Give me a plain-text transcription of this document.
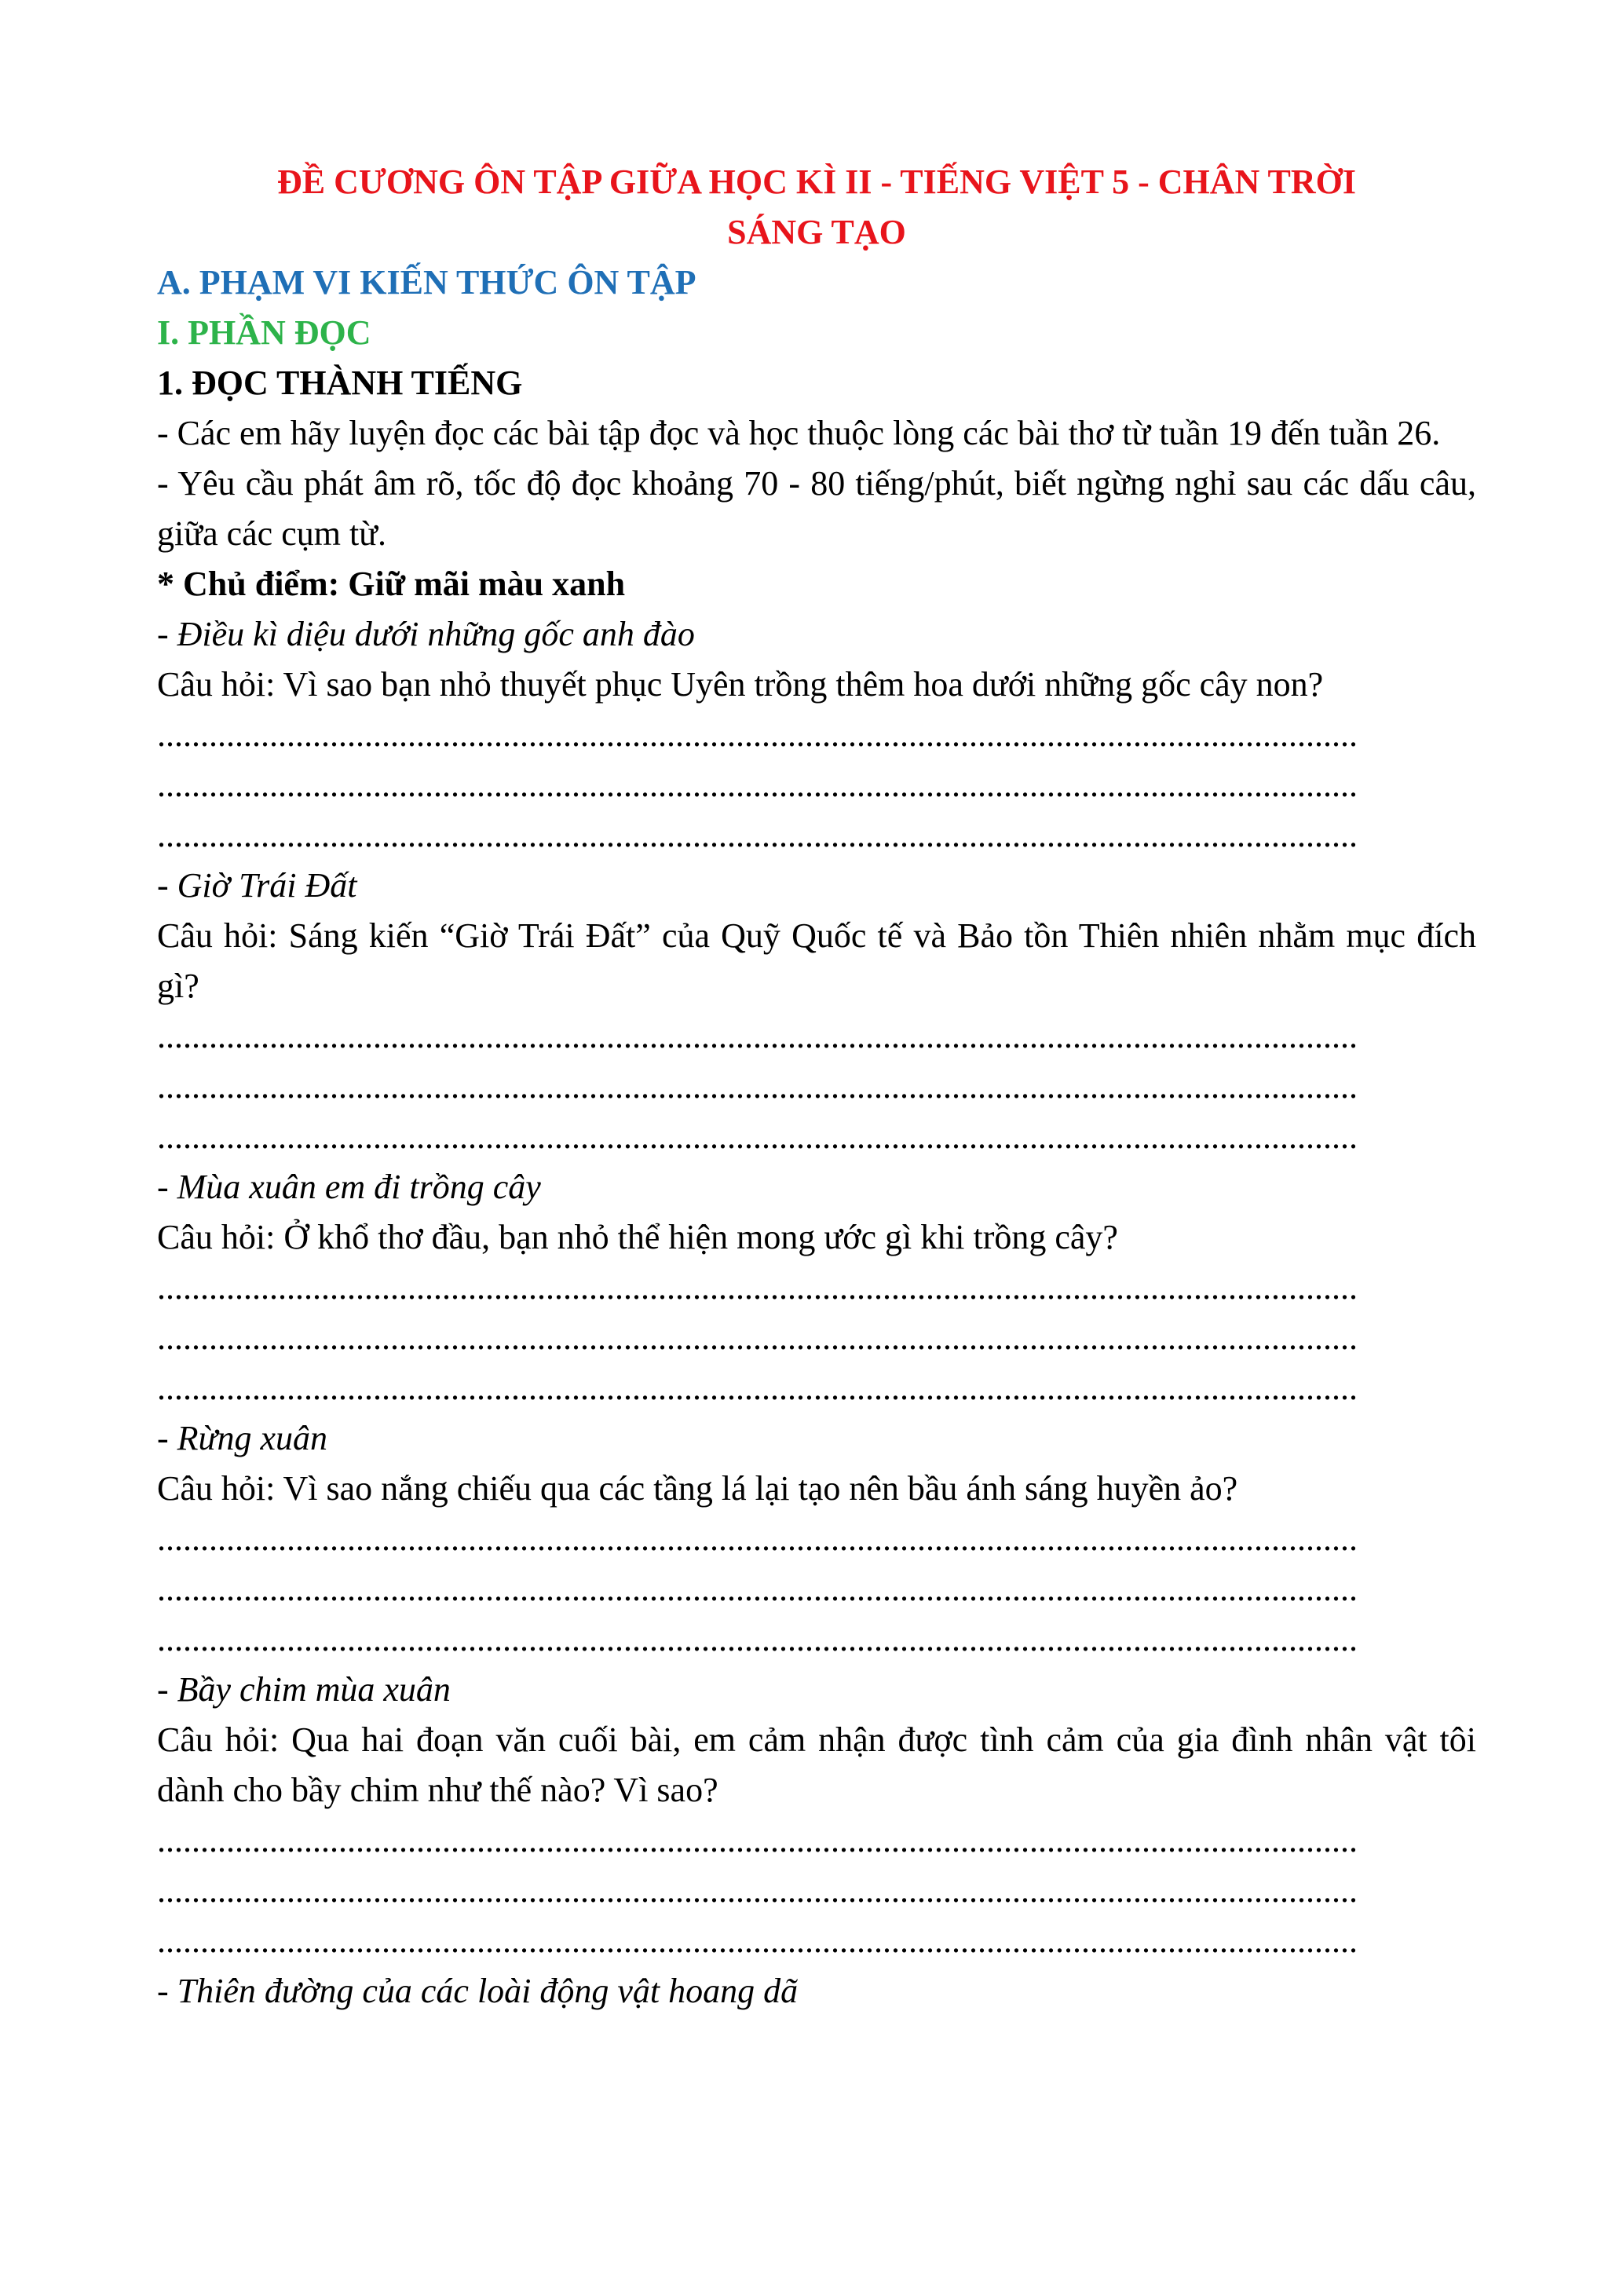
ĐỀ CƯƠNG ÔN TẬP GIỮA HỌC KÌ II - TIẾNG VIỆT 5 - CHÂN TRỜI
SÁNG TẠO
A. PHẠM VI KIẾN THỨC ÔN TẬP
I. PHẦN ĐỌC
1. ĐỌC THÀNH TIẾNG
- Các em hãy luyện đọc các bài tập đọc và học thuộc lòng các bài thơ từ tuần 19 đến tuần 26.
- Yêu cầu phát âm rõ, tốc độ đọc khoảng 70 - 80 tiếng/phút, biết ngừng nghỉ sau các dấu câu, giữa các cụm từ.
* Chủ điểm: Giữ mãi màu xanh
- Điều kì diệu dưới những gốc anh đào
Câu hỏi: Vì sao bạn nhỏ thuyết phục Uyên trồng thêm hoa dưới những gốc cây non?
...........................................................................................................................................
...........................................................................................................................................
...........................................................................................................................................
- Giờ Trái Đất
Câu hỏi: Sáng kiến “Giờ Trái Đất” của Quỹ Quốc tế và Bảo tồn Thiên nhiên nhằm mục đích gì?
...........................................................................................................................................
...........................................................................................................................................
...........................................................................................................................................
- Mùa xuân em đi trồng cây
Câu hỏi: Ở khổ thơ đầu, bạn nhỏ thể hiện mong ước gì khi trồng cây?
...........................................................................................................................................
...........................................................................................................................................
...........................................................................................................................................
- Rừng xuân
Câu hỏi: Vì sao nắng chiếu qua các tầng lá lại tạo nên bầu ánh sáng huyền ảo?
...........................................................................................................................................
...........................................................................................................................................
...........................................................................................................................................
- Bầy chim mùa xuân
Câu hỏi: Qua hai đoạn văn cuối bài, em cảm nhận được tình cảm của gia đình nhân vật tôi dành cho bầy chim như thế nào? Vì sao?
...........................................................................................................................................
...........................................................................................................................................
...........................................................................................................................................
- Thiên đường của các loài động vật hoang dã
